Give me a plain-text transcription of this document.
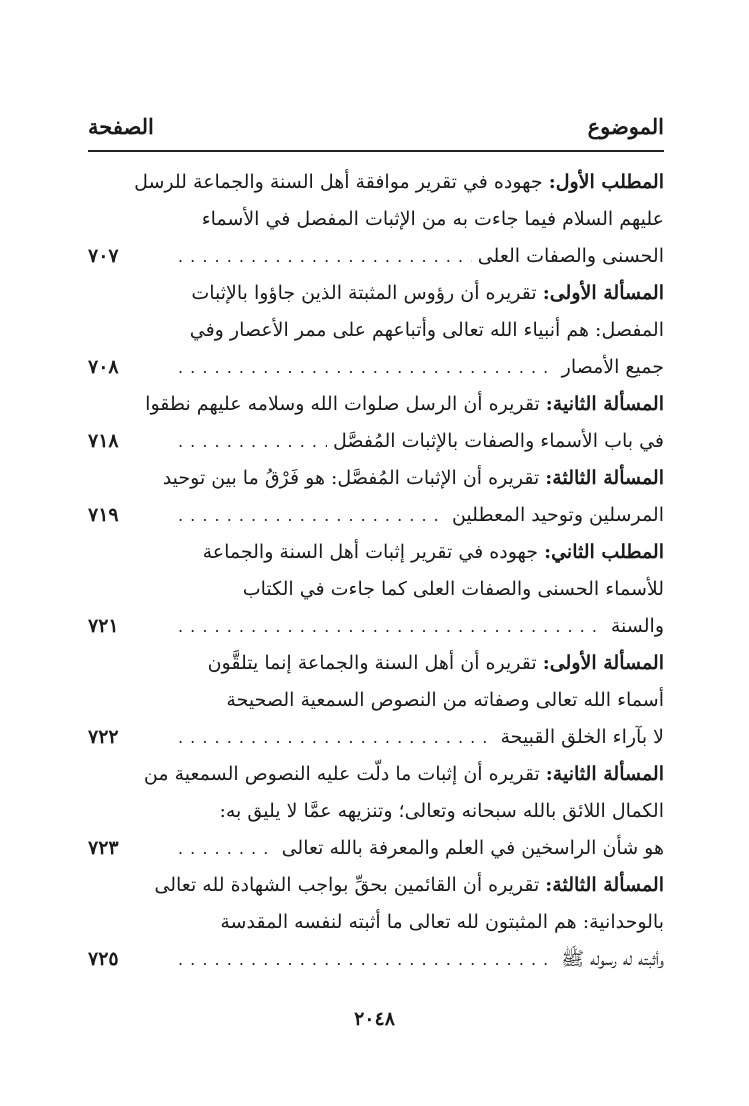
الموضوع
الصفحة
المطلب الأول: جهوده في تقرير موافقة أهل السنة والجماعة للرسل
عليهم السلام فيما جاءت به من الإثبات المفصل في الأسماء
الحسنى والصفات العلى
. . .
٧٠٧
المسألة الأولى: تقريره أن رؤوس المثبتة الذين جاؤوا بالإثبات
المفصل: هم أنبياء الله تعالى وأتباعهم على ممر الأعصار وفي
جميع الأمصار
. . .
٧٠٨
المسألة الثانية: تقريره أن الرسل صلوات الله وسلامه عليهم نطقوا
في باب الأسماء والصفات بالإثبات المُفصَّل
. . .
٧١٨
المسألة الثالثة: تقريره أن الإثبات المُفصَّل: هو فَرْقُ ما بين توحيد
المرسلين وتوحيد المعطلين
. . .
٧١٩
المطلب الثاني: جهوده في تقرير إثبات أهل السنة والجماعة
للأسماء الحسنى والصفات العلى كما جاءت في الكتاب
والسنة
. . .
٧٢١
المسألة الأولى: تقريره أن أهل السنة والجماعة إنما يتلقَّون
أسماء الله تعالى وصفاته من النصوص السمعية الصحيحة
لا بآراء الخلق القبيحة
. . .
٧٢٢
المسألة الثانية: تقريره أن إثبات ما دلّت عليه النصوص السمعية من
الكمال اللائق بالله سبحانه وتعالى؛ وتنزيهه عمَّا لا يليق به:
هو شأن الراسخين في العلم والمعرفة بالله تعالى
. . .
٧٢٣
المسألة الثالثة: تقريره أن القائمين بحقِّ بواجب الشهادة لله تعالى
بالوحدانية: هم المثبتون لله تعالى ما أثبته لنفسه المقدسة
وأثبته له رسوله ﷺ
. . .
٧٢٥
٢٠٤٨
